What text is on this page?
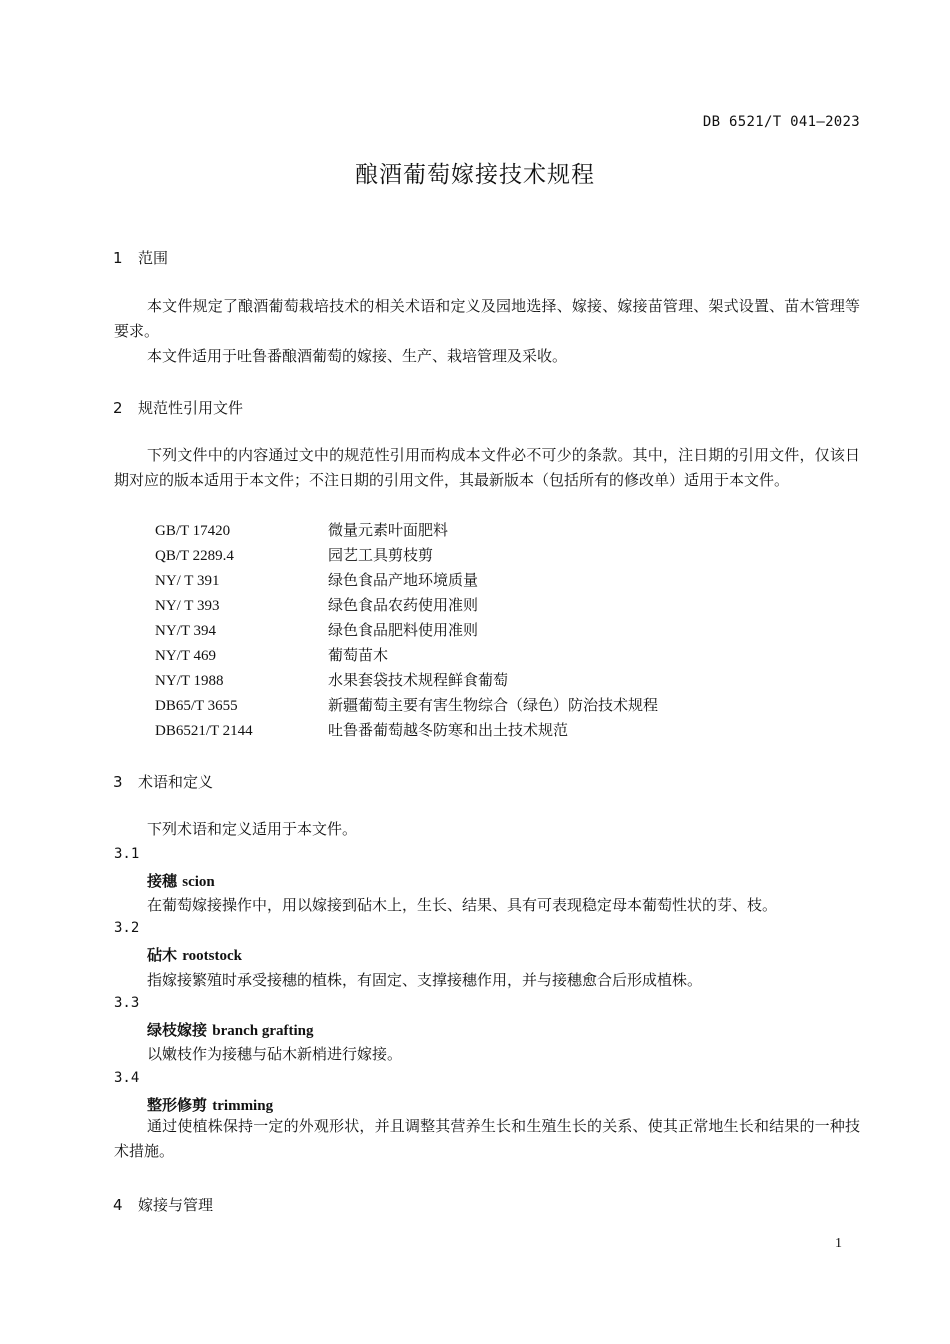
DB 6521/T 041—2023
酿酒葡萄嫁接技术规程
1 范围
本文件规定了酿酒葡萄栽培技术的相关术语和定义及园地选择、嫁接、嫁接苗管理、架式设置、苗木管理等要求。
本文件适用于吐鲁番酿酒葡萄的嫁接、生产、栽培管理及采收。
2 规范性引用文件
下列文件中的内容通过文中的规范性引用而构成本文件必不可少的条款。其中，注日期的引用文件，仅该日期对应的版本适用于本文件；不注日期的引用文件，其最新版本（包括所有的修改单）适用于本文件。
GB/T 17420	微量元素叶面肥料
QB/T 2289.4	园艺工具剪枝剪
NY/ T 391	绿色食品产地环境质量
NY/ T 393	绿色食品农药使用准则
NY/T 394	绿色食品肥料使用准则
NY/T 469	葡萄苗木
NY/T 1988	水果套袋技术规程鲜食葡萄
DB65/T 3655	新疆葡萄主要有害生物综合（绿色）防治技术规程
DB6521/T 2144	吐鲁番葡萄越冬防寒和出土技术规范
3 术语和定义
下列术语和定义适用于本文件。
3.1
接穗 scion
在葡萄嫁接操作中，用以嫁接到砧木上，生长、结果、具有可表现稳定母本葡萄性状的芽、枝。
3.2
砧木 rootstock
指嫁接繁殖时承受接穗的植株，有固定、支撑接穗作用，并与接穗愈合后形成植株。
3.3
绿枝嫁接 branch grafting
以嫩枝作为接穗与砧木新梢进行嫁接。
3.4
整形修剪 trimming
通过使植株保持一定的外观形状，并且调整其营养生长和生殖生长的关系、使其正常地生长和结果的一种技术措施。
4 嫁接与管理
1
